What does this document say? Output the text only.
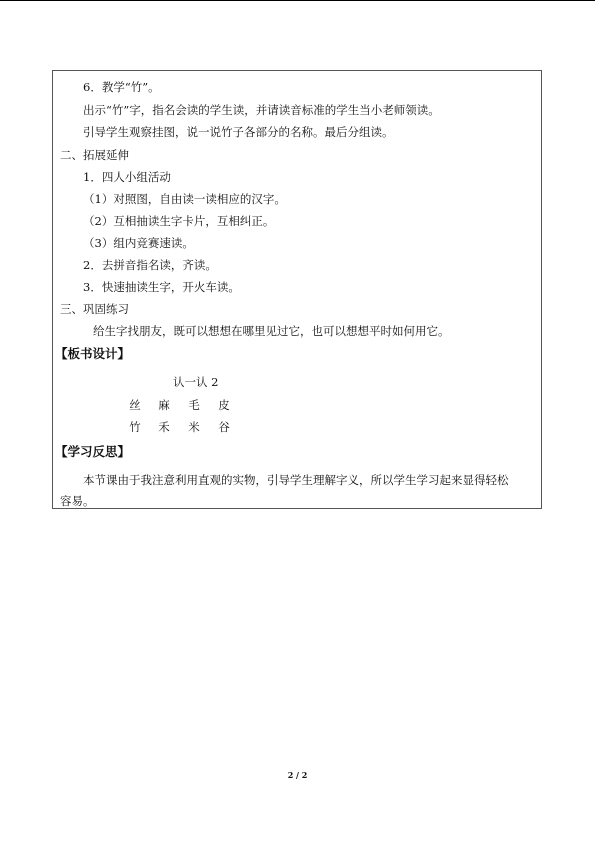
6．教学“竹”。
出示“竹”字，指名会读的学生读，并请读音标准的学生当小老师领读。
引导学生观察挂图，说一说竹子各部分的名称。最后分组读。
二、拓展延伸
1．四人小组活动
（1）对照图，自由读一读相应的汉字。
（2）互相抽读生字卡片，互相纠正。
（3）组内竞赛速读。
2．去拼音指名读，齐读。
3．快速抽读生字，开火车读。
三、巩固练习
给生字找朋友，既可以想想在哪里见过它，也可以想想平时如何用它。
【板书设计】
认一认 2
丝 麻 毛 皮
竹 禾 米 谷
【学习反思】
本节课由于我注意利用直观的实物，引导学生理解字义，所以学生学习起来显得轻松
容易。
2 / 2
